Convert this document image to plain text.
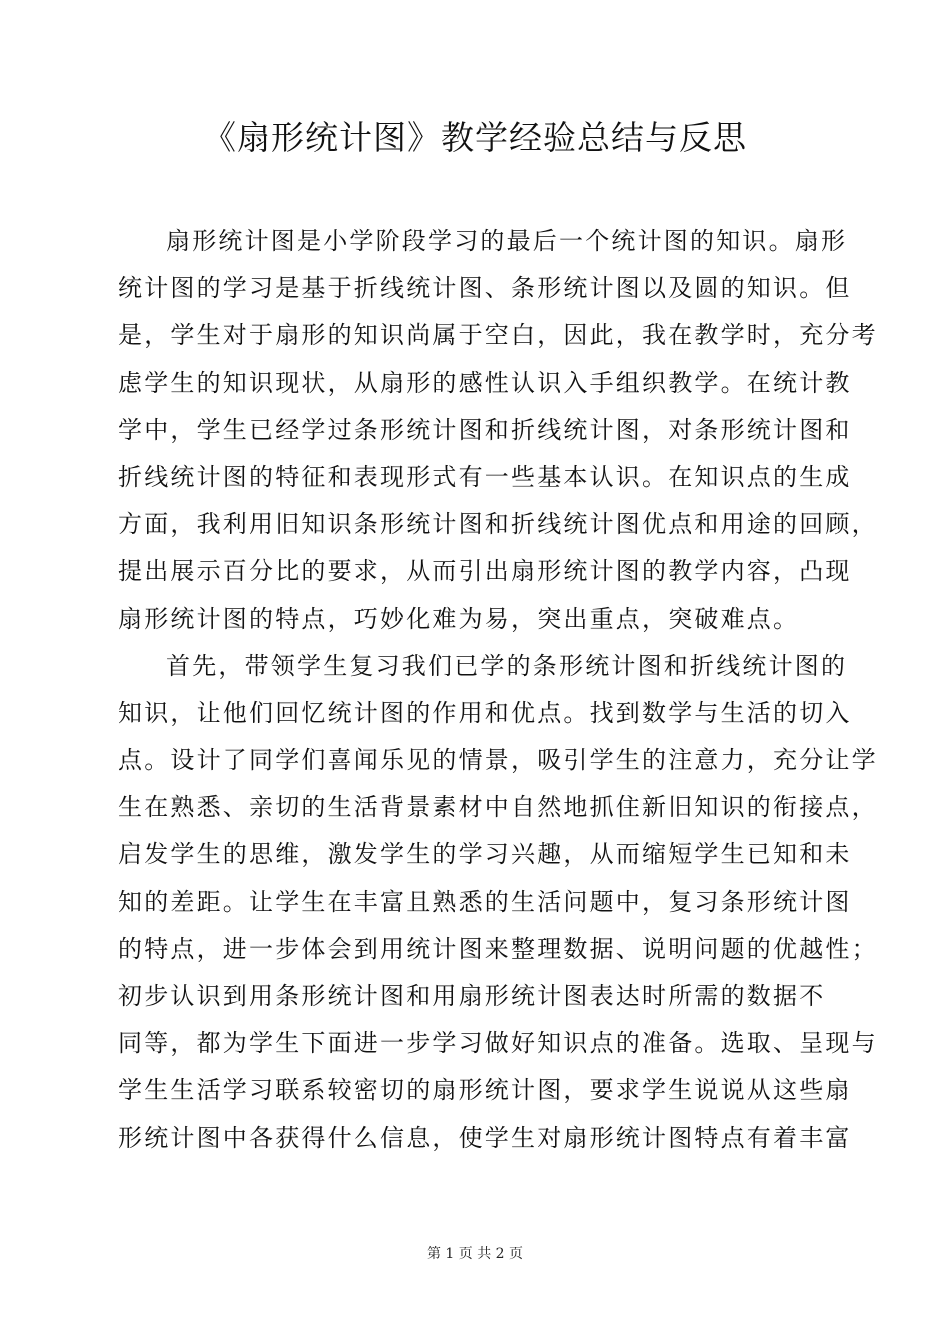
《扇形统计图》教学经验总结与反思

扇形统计图是小学阶段学习的最后一个统计图的知识。扇形
统计图的学习是基于折线统计图、条形统计图以及圆的知识。但
是，学生对于扇形的知识尚属于空白，因此，我在教学时，充分考
虑学生的知识现状，从扇形的感性认识入手组织教学。在统计教
学中，学生已经学过条形统计图和折线统计图，对条形统计图和
折线统计图的特征和表现形式有一些基本认识。在知识点的生成
方面，我利用旧知识条形统计图和折线统计图优点和用途的回顾，
提出展示百分比的要求，从而引出扇形统计图的教学内容，凸现
扇形统计图的特点，巧妙化难为易，突出重点，突破难点。

首先，带领学生复习我们已学的条形统计图和折线统计图的
知识，让他们回忆统计图的作用和优点。找到数学与生活的切入
点。设计了同学们喜闻乐见的情景，吸引学生的注意力，充分让学
生在熟悉、亲切的生活背景素材中自然地抓住新旧知识的衔接点，
启发学生的思维，激发学生的学习兴趣，从而缩短学生已知和未
知的差距。让学生在丰富且熟悉的生活问题中，复习条形统计图
的特点，进一步体会到用统计图来整理数据、说明问题的优越性；
初步认识到用条形统计图和用扇形统计图表达时所需的数据不
同等，都为学生下面进一步学习做好知识点的准备。选取、呈现与
学生生活学习联系较密切的扇形统计图，要求学生说说从这些扇
形统计图中各获得什么信息，使学生对扇形统计图特点有着丰富

第 1 页 共 2 页
